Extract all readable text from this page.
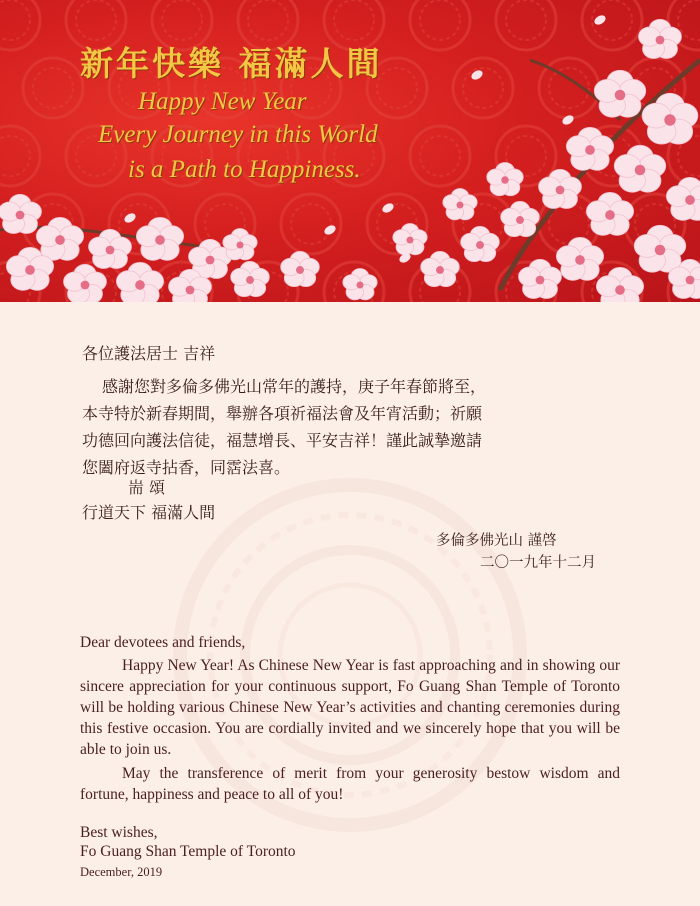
新年快樂 福滿人間
Happy New Year
Every Journey in this World
is a Path to Happiness.
各位護法居士 吉祥
感謝您對多倫多佛光山常年的護持，庚子年春節將至，
本寺特於新春期間，舉辦各項祈福法會及年宵活動；祈願
功德回向護法信徒，福慧增長、平安吉祥！謹此誠摯邀請
您闔府返寺拈香，同霑法喜。
耑 頌
行道天下 福滿人間
多倫多佛光山 謹啓
二〇一九年十二月
Dear devotees and friends,
Happy New Year! As Chinese New Year is fast approaching and in showing our sincere appreciation for your continuous support, Fo Guang Shan Temple of Toronto will be holding various Chinese New Year’s activities and chanting ceremonies during this festive occasion. You are cordially invited and we sincerely hope that you will be able to join us.
May the transference of merit from your generosity bestow wisdom and fortune, happiness and peace to all of you!
Best wishes,
Fo Guang Shan Temple of Toronto
December, 2019
